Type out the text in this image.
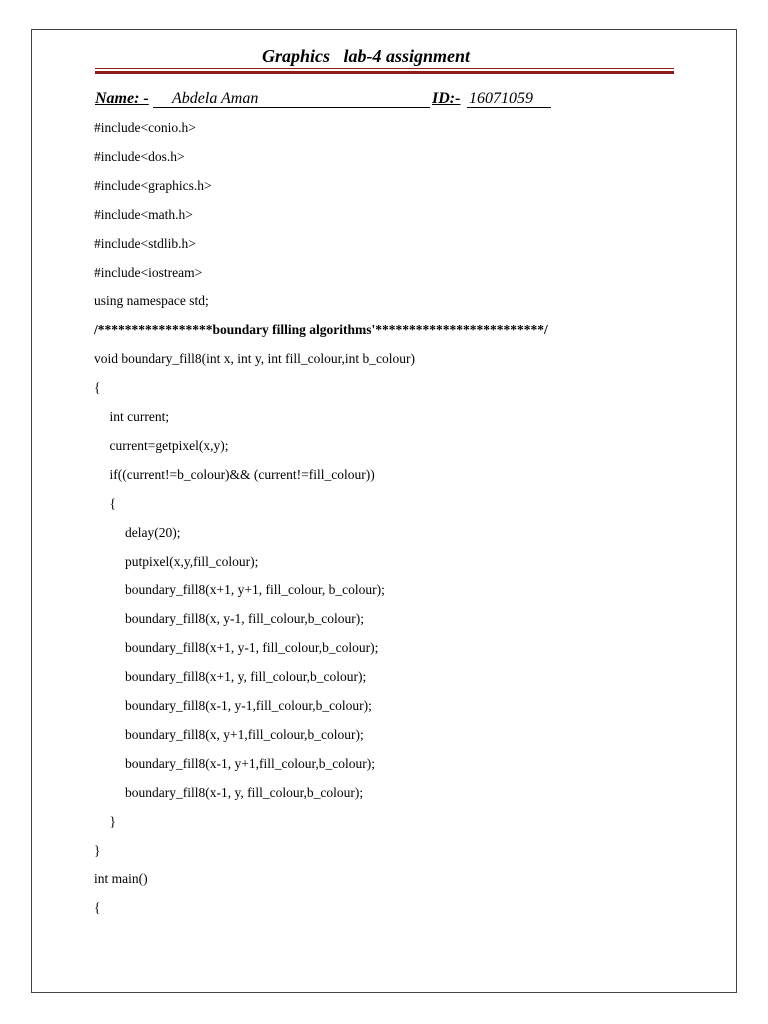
Graphics   lab-4 assignment
Name: - Abdela Aman	ID:- 16071059
#include<conio.h>
#include<dos.h>
#include<graphics.h>
#include<math.h>
#include<stdlib.h>
#include<iostream>
using namespace std;
/*****************boundary filling algorithms'*************************/
void boundary_fill8(int x, int y, int fill_colour,int b_colour)
{
int current;
current=getpixel(x,y);
if((current!=b_colour)&& (current!=fill_colour))
{
delay(20);
putpixel(x,y,fill_colour);
boundary_fill8(x+1, y+1, fill_colour, b_colour);
boundary_fill8(x, y-1, fill_colour,b_colour);
boundary_fill8(x+1, y-1, fill_colour,b_colour);
boundary_fill8(x+1, y, fill_colour,b_colour);
boundary_fill8(x-1, y-1,fill_colour,b_colour);
boundary_fill8(x, y+1,fill_colour,b_colour);
boundary_fill8(x-1, y+1,fill_colour,b_colour);
boundary_fill8(x-1, y, fill_colour,b_colour);
}
}
int main()
{
